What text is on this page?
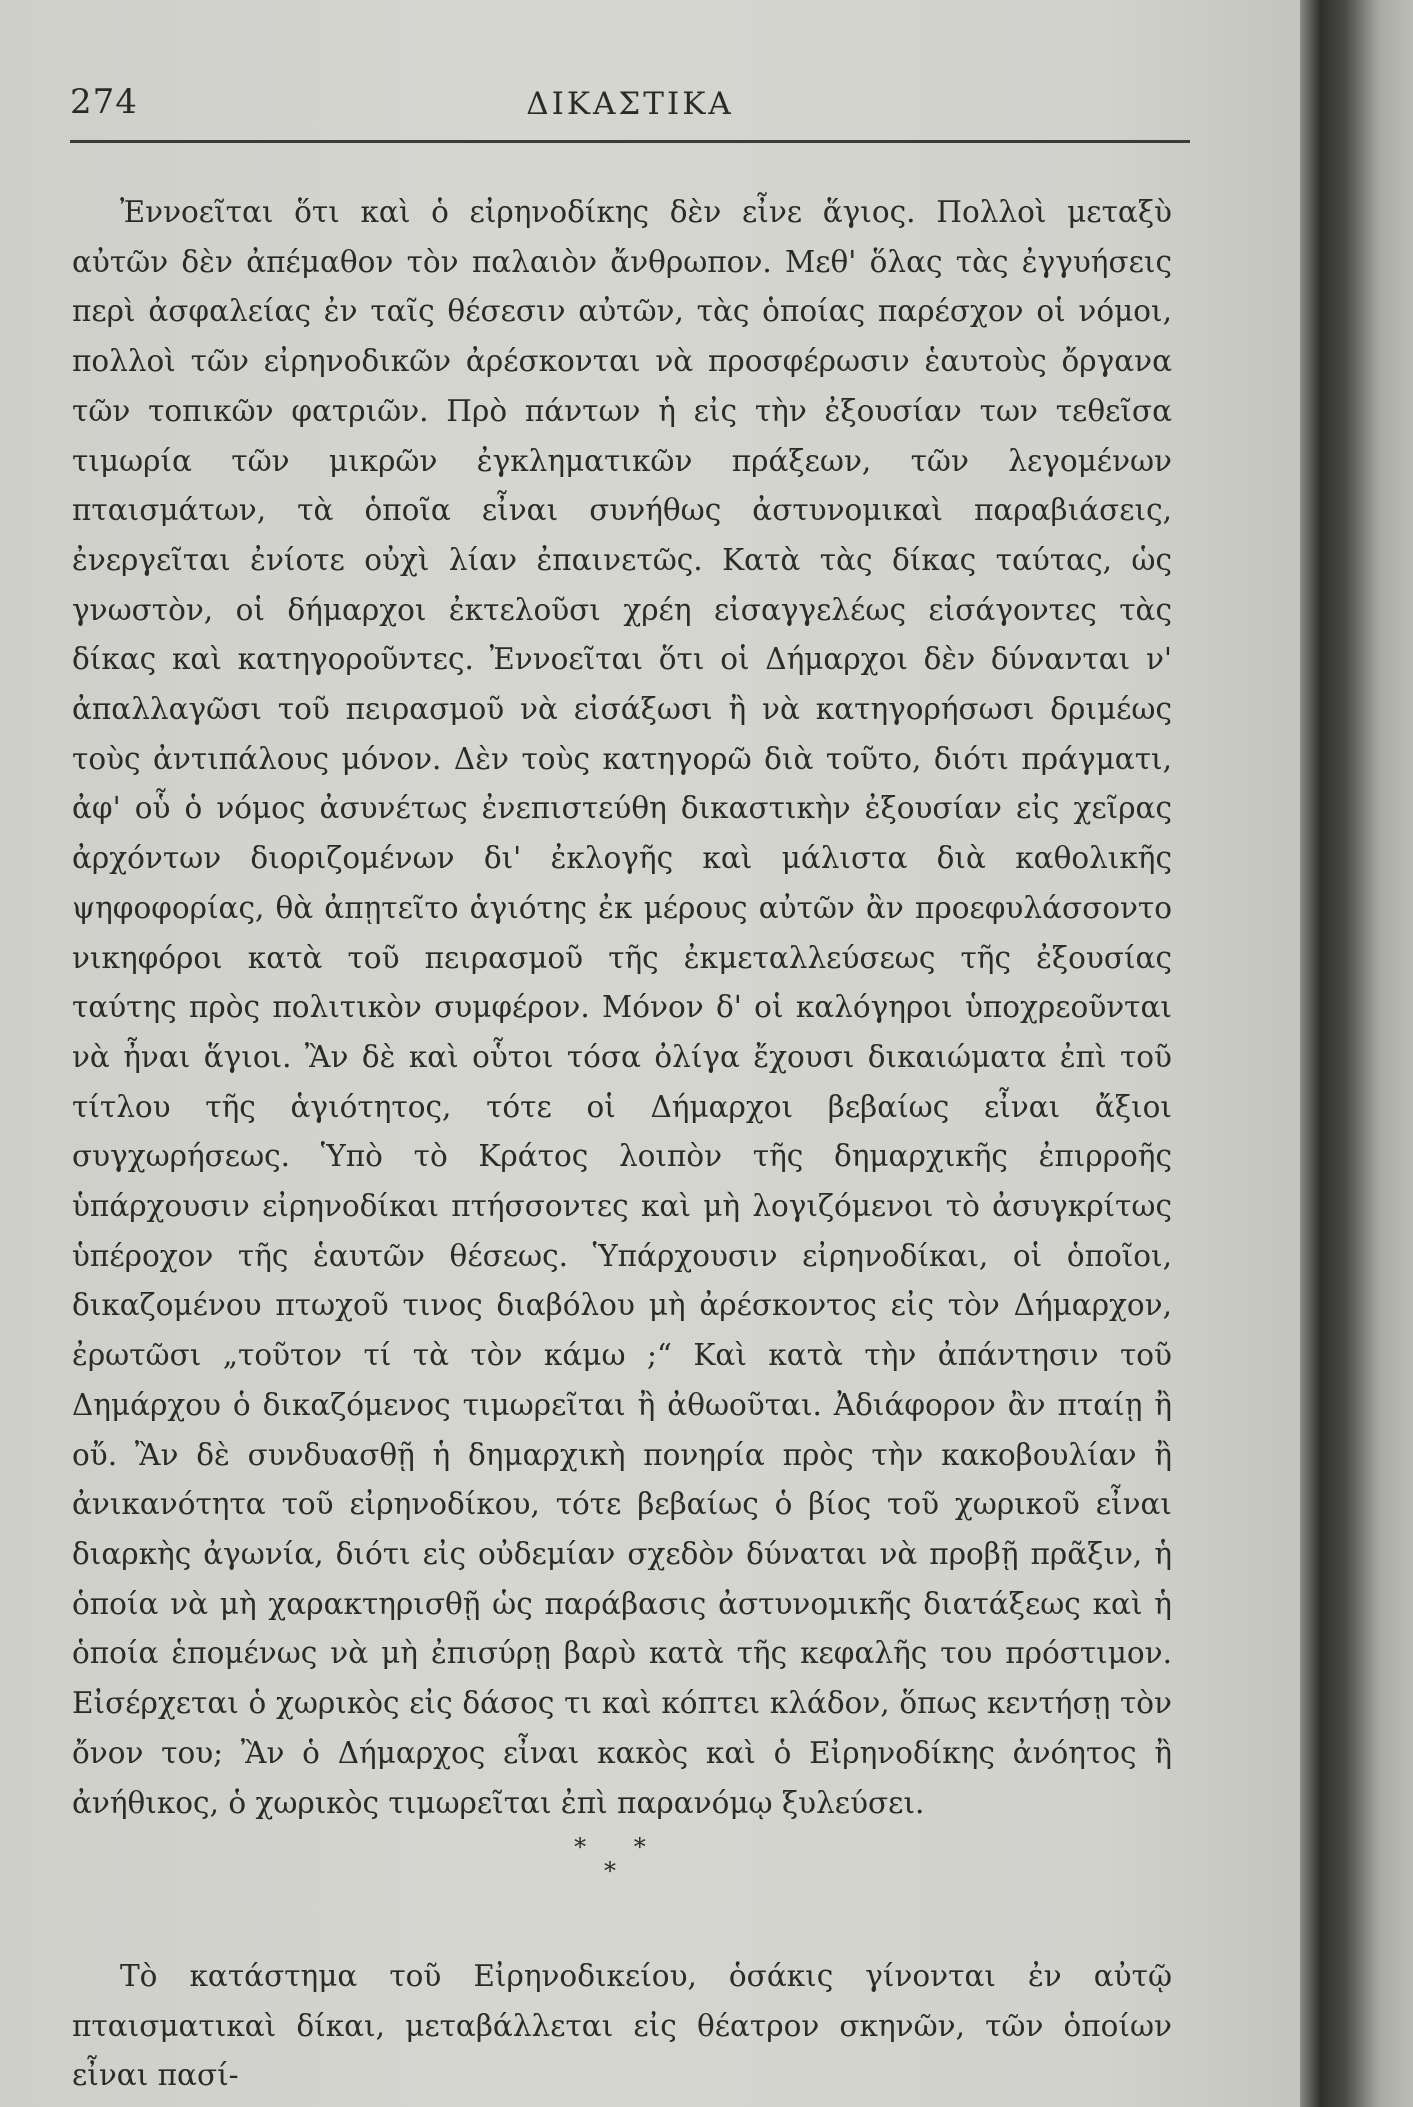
274	ΔΙΚΑΣΤΙΚΑ

Ἐννοεῖται ὅτι καὶ ὁ εἰρηνοδίκης δὲν εἶνε ἅγιος. Πολλοὶ μεταξὺ αὐτῶν δὲν ἀπέμαθον τὸν παλαιὸν ἄνθρωπον. Μεθ' ὅλας τὰς ἐγγυήσεις περὶ ἀσφαλείας ἐν ταῖς θέσεσιν αὐτῶν, τὰς ὁποίας παρέσχον οἱ νόμοι, πολλοὶ τῶν εἰρηνοδικῶν ἀρέσκονται νὰ προσφέρωσιν ἑαυτοὺς ὄργανα τῶν τοπικῶν φατριῶν. Πρὸ πάντων ἡ εἰς τὴν ἐξουσίαν των τεθεῖσα τιμωρία τῶν μικρῶν ἐγκληματικῶν πράξεων, τῶν λεγομένων πταισμάτων, τὰ ὁποῖα εἶναι συνήθως ἀστυνομικαὶ παραβιάσεις, ἐνεργεῖται ἐνίοτε οὐχὶ λίαν ἐπαινετῶς. Κατὰ τὰς δίκας ταύτας, ὡς γνωστὸν, οἱ δήμαρχοι ἐκτελοῦσι χρέη εἰσαγγελέως εἰσάγοντες τὰς δίκας καὶ κατηγοροῦντες. Ἐννοεῖται ὅτι οἱ Δήμαρχοι δὲν δύνανται ν' ἀπαλλαγῶσι τοῦ πειρασμοῦ νὰ εἰσάξωσι ἢ νὰ κατηγορήσωσι δριμέως τοὺς ἀντιπάλους μόνον. Δὲν τοὺς κατηγορῶ διὰ τοῦτο, διότι πράγματι, ἀφ' οὗ ὁ νόμος ἀσυνέτως ἐνεπιστεύθη δικαστικὴν ἐξουσίαν εἰς χεῖρας ἀρχόντων διοριζομένων δι' ἐκλογῆς καὶ μάλιστα διὰ καθολικῆς ψηφοφορίας, θὰ ἀπῃτεῖτο ἁγιότης ἐκ μέρους αὐτῶν ἂν προεφυλάσσοντο νικηφόροι κατὰ τοῦ πειρασμοῦ τῆς ἐκμεταλλεύσεως τῆς ἐξουσίας ταύτης πρὸς πολιτικὸν συμφέρον. Μόνον δ' οἱ καλόγηροι ὑποχρεοῦνται νὰ ἦναι ἅγιοι. Ἂν δὲ καὶ οὗτοι τόσα ὀλίγα ἔχουσι δικαιώματα ἐπὶ τοῦ τίτλου τῆς ἁγιότητος, τότε οἱ Δήμαρχοι βεβαίως εἶναι ἄξιοι συγχωρήσεως. Ὑπὸ τὸ Κράτος λοιπὸν τῆς δημαρχικῆς ἐπιρροῆς ὑπάρχουσιν εἰρηνοδίκαι πτήσσοντες καὶ μὴ λογιζόμενοι τὸ ἀσυγκρίτως ὑπέροχον τῆς ἑαυτῶν θέσεως. Ὑπάρχουσιν εἰρηνοδίκαι, οἱ ὁποῖοι, δικαζομένου πτωχοῦ τινος διαβόλου μὴ ἀρέσκοντος εἰς τὸν Δήμαρχον, ἐρωτῶσι „τοῦτον τί τὰ τὸν κάμω ;“ Καὶ κατὰ τὴν ἀπάντησιν τοῦ Δημάρχου ὁ δικαζόμενος τιμωρεῖται ἢ ἀθωοῦται. Ἀδιάφορον ἂν πταίῃ ἢ οὔ. Ἂν δὲ συνδυασθῇ ἡ δημαρχικὴ πονηρία πρὸς τὴν κακοβουλίαν ἢ ἀνικανότητα τοῦ εἰρηνοδίκου, τότε βεβαίως ὁ βίος τοῦ χωρικοῦ εἶναι διαρκὴς ἀγωνία, διότι εἰς οὐδεμίαν σχεδὸν δύναται νὰ προβῇ πρᾶξιν, ἡ ὁποία νὰ μὴ χαρακτηρισθῇ ὡς παράβασις ἀστυνομικῆς διατάξεως καὶ ἡ ὁποία ἑπομένως νὰ μὴ ἐπισύρῃ βαρὺ κατὰ τῆς κεφαλῆς του πρόστιμον. Εἰσέρχεται ὁ χωρικὸς εἰς δάσος τι καὶ κόπτει κλάδον, ὅπως κεντήσῃ τὸν ὄνον του; Ἂν ὁ Δήμαρχος εἶναι κακὸς καὶ ὁ Εἰρηνοδίκης ἀνόητος ἢ ἀνήθικος, ὁ χωρικὸς τιμωρεῖται ἐπὶ παρανόμῳ ξυλεύσει.

* * *

Τὸ κατάστημα τοῦ Εἰρηνοδικείου, ὁσάκις γίνονται ἐν αὐτῷ πταισματικαὶ δίκαι, μεταβάλλεται εἰς θέατρον σκηνῶν, τῶν ὁποίων εἶναι πασί-
